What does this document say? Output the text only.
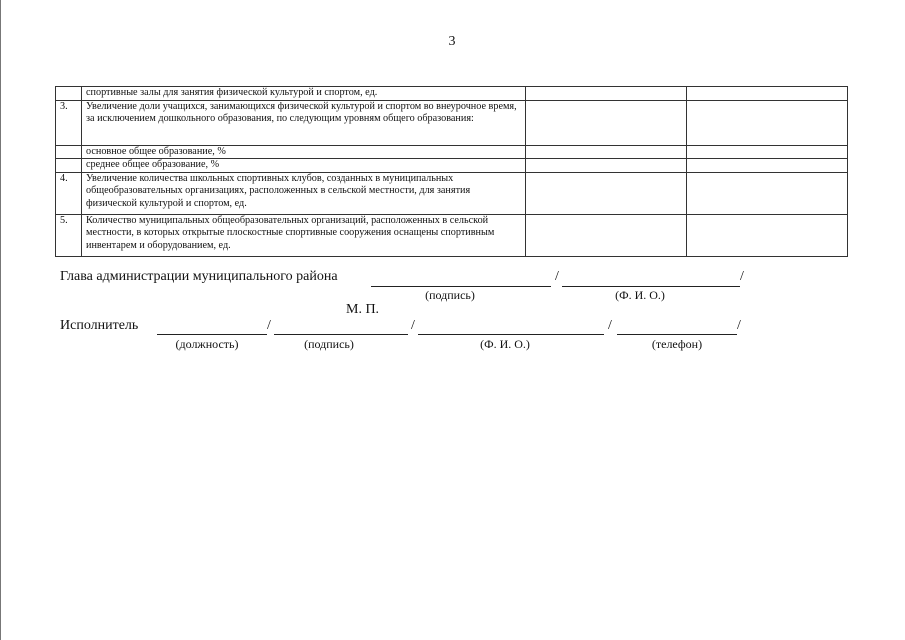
3
	спортивные залы для занятия физической культурой и спортом, ед.		
3.	Увеличение доли учащихся, занимающихся физической культурой и спортом во внеурочное время, за исключением дошкольного образования, по следующим уровням общего образования:		
	основное общее образование, %		
	среднее общее образование, %		
4.	Увеличение количества школьных спортивных клубов, созданных в муниципальных общеобразовательных организациях, расположенных в сельской местности, для занятия физической культурой и спортом, ед.		
5.	Количество муниципальных общеобразовательных организаций, расположенных в сельской местности, в которых открытые плоскостные спортивные сооружения оснащены спортивным инвентарем и оборудованием, ед.		
Глава администрации муниципального района	/	/
(подпись)	(Ф. И. О.)
М. П.
Исполнитель	/	/	/	/
(должность)	(подпись)	(Ф. И. О.)	(телефон)
